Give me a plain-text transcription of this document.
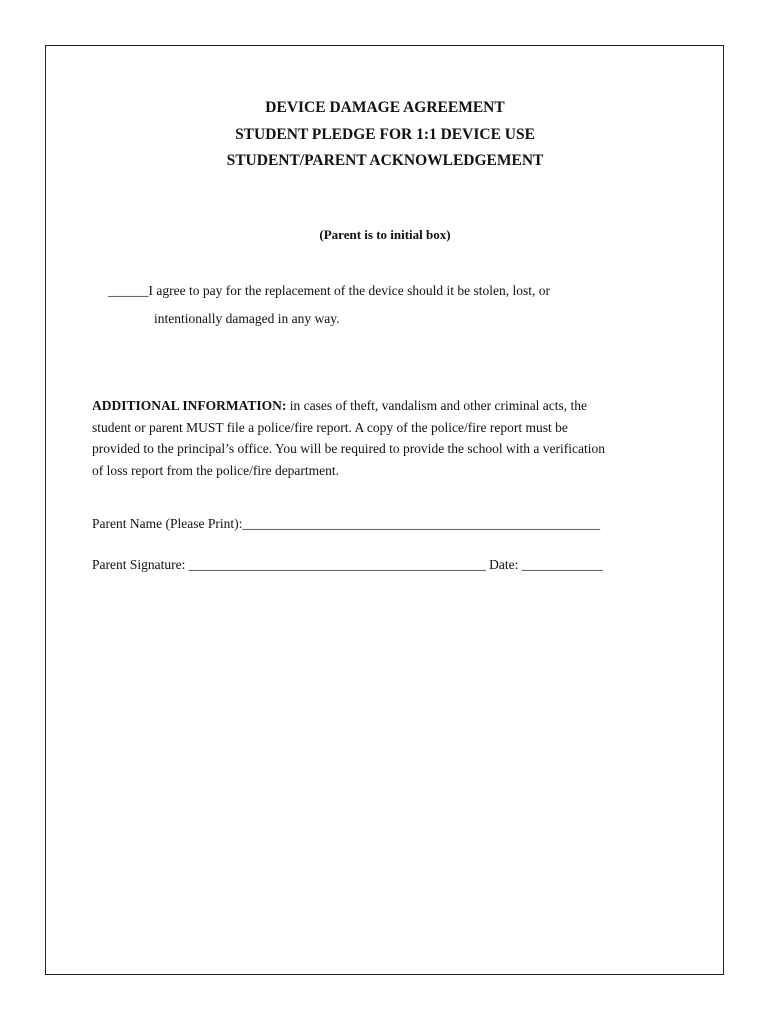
DEVICE DAMAGE AGREEMENT
STUDENT PLEDGE FOR 1:1 DEVICE USE
STUDENT/PARENT ACKNOWLEDGEMENT
(Parent is to initial box)
______I agree to pay for the replacement of the device should it be stolen, lost, or
intentionally damaged in any way.
ADDITIONAL INFORMATION: in cases of theft, vandalism and other criminal acts, the
student or parent MUST file a police/fire report. A copy of the police/fire report must be
provided to the principal’s office. You will be required to provide the school with a verification
of loss report from the police/fire department.
Parent Name (Please Print):_____________________________________________________
Parent Signature: ____________________________________________ Date: ____________
